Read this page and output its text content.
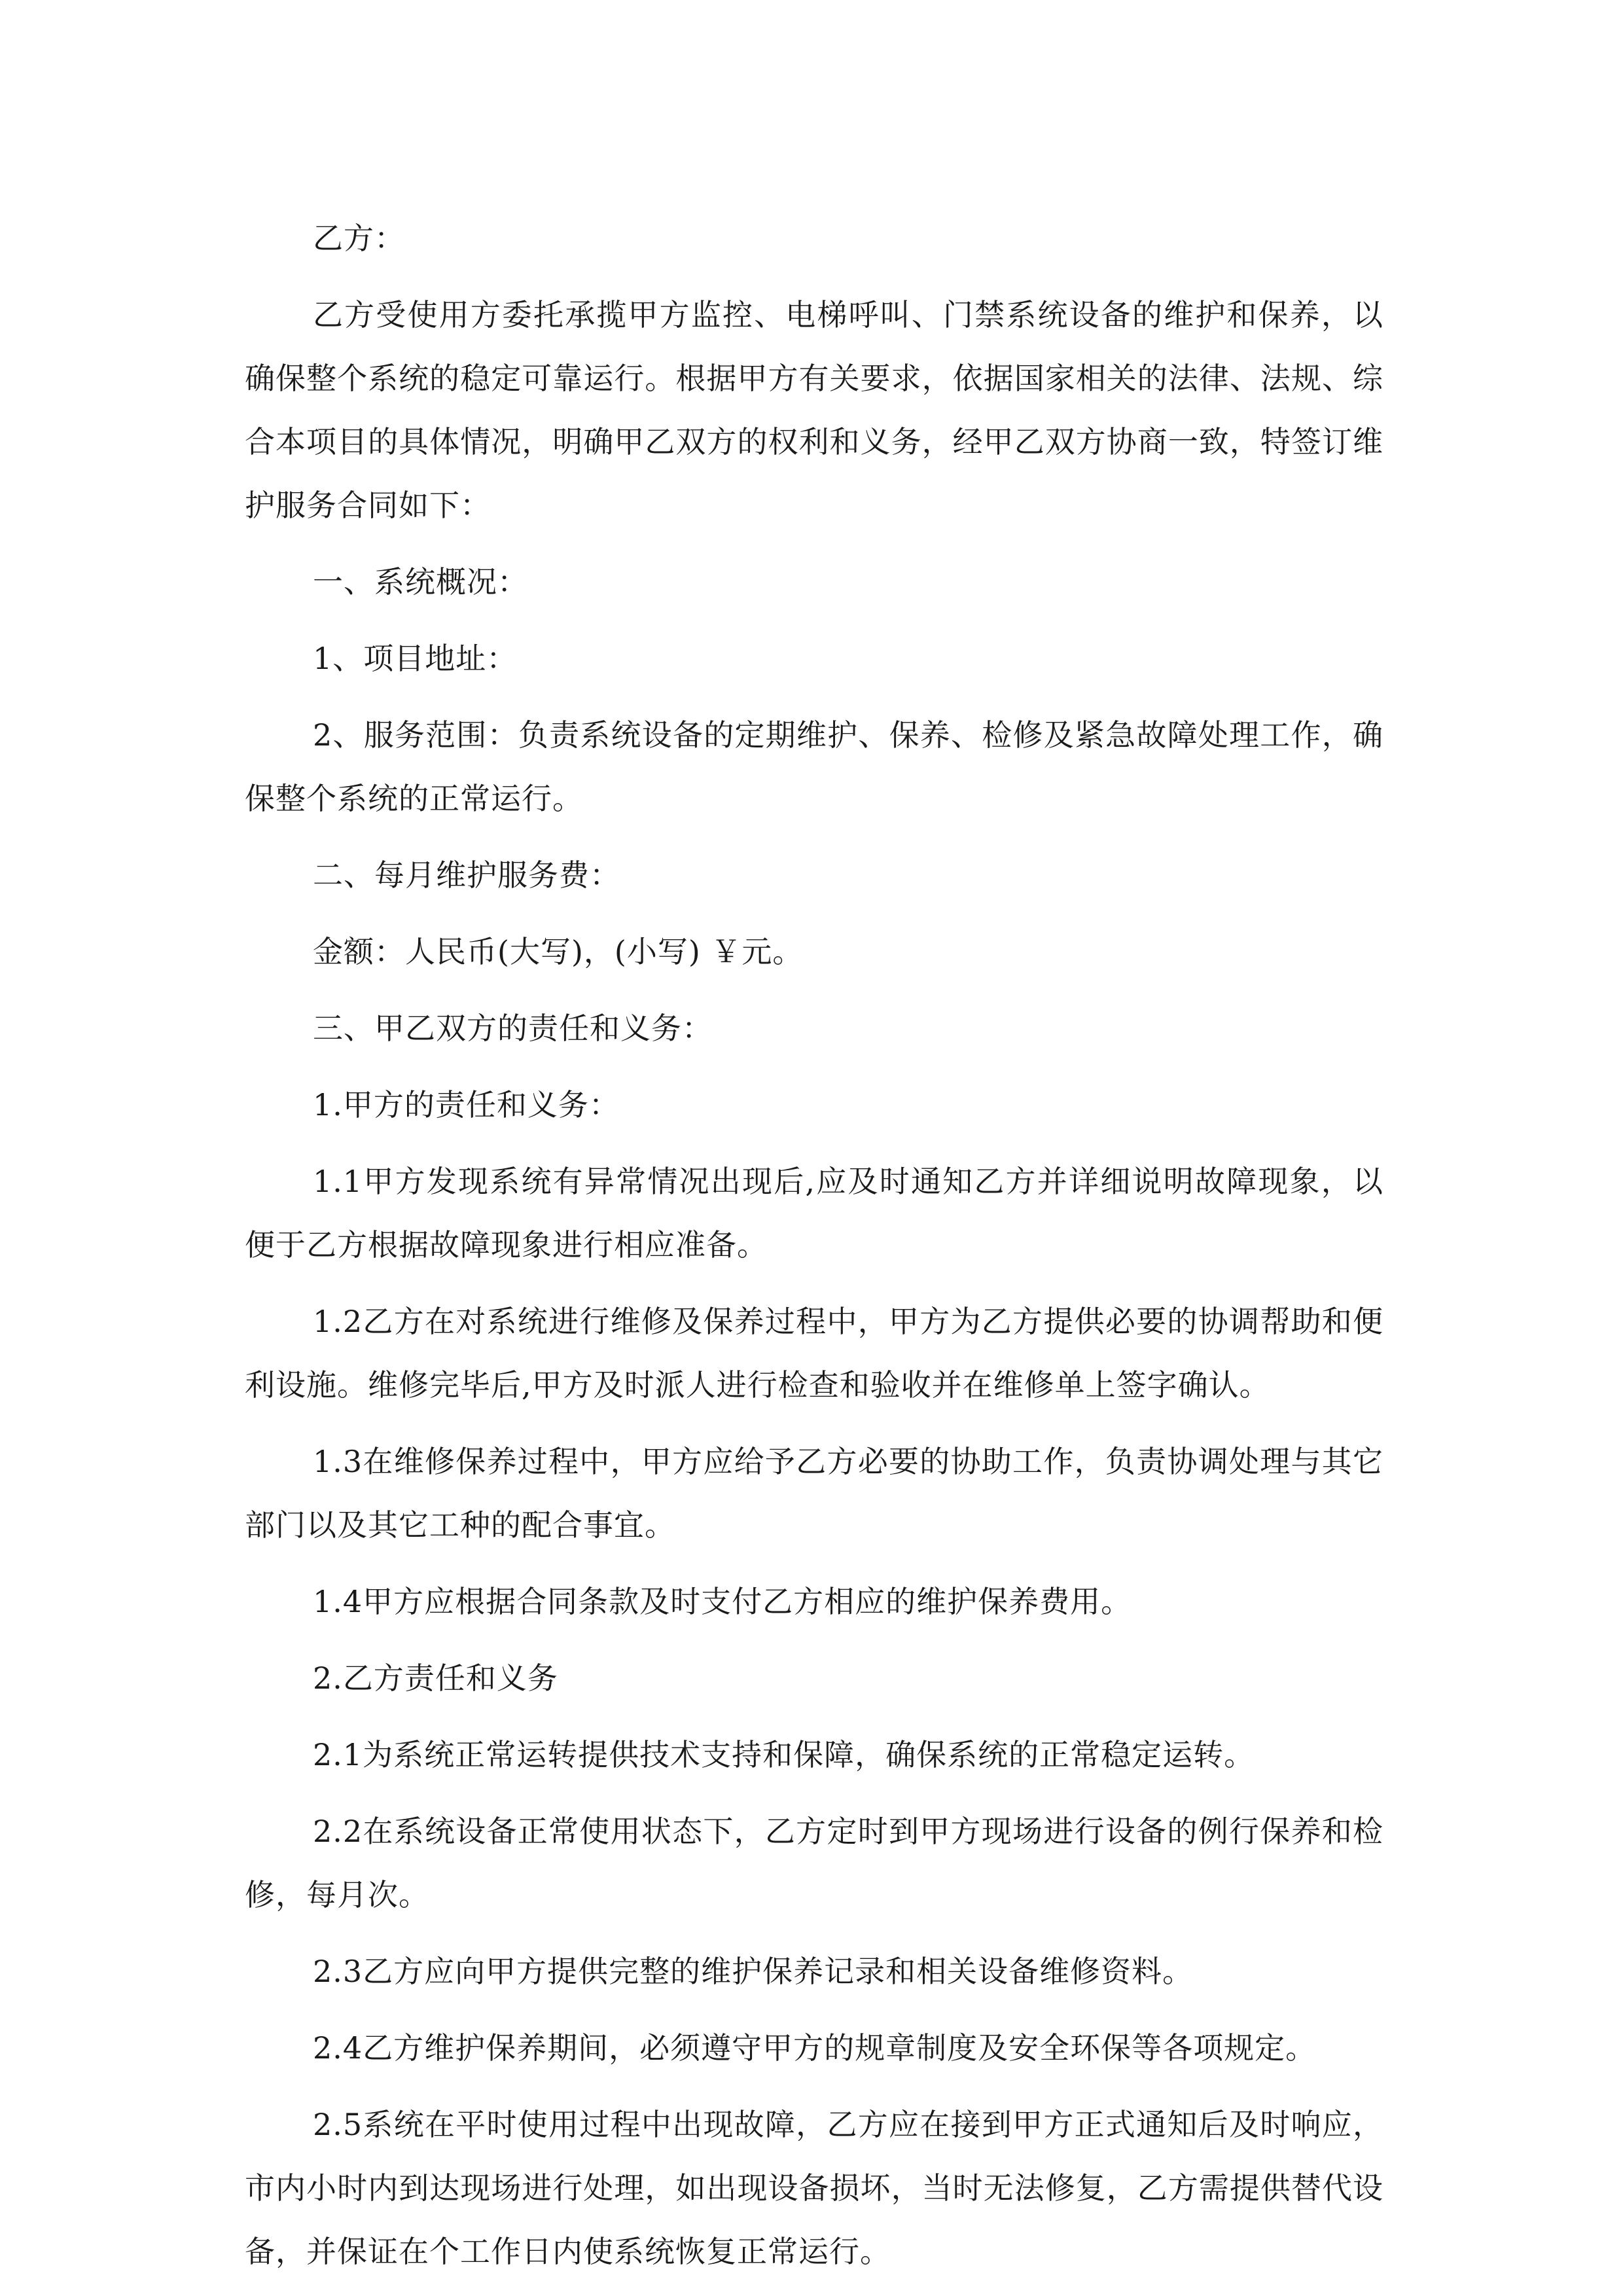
乙方：

乙方受使用方委托承揽甲方监控、电梯呼叫、门禁系统设备的维护和保养，以确保整个系统的稳定可靠运行。根据甲方有关要求，依据国家相关的法律、法规、综合本项目的具体情况，明确甲乙双方的权利和义务，经甲乙双方协商一致，特签订维护服务合同如下：

一、系统概况：

1、项目地址：

2、服务范围：负责系统设备的定期维护、保养、检修及紧急故障处理工作，确保整个系统的正常运行。

二、每月维护服务费：

金额：人民币(大写)，(小写) ￥元。

三、甲乙双方的责任和义务：

1.甲方的责任和义务：

1.1甲方发现系统有异常情况出现后,应及时通知乙方并详细说明故障现象，以便于乙方根据故障现象进行相应准备。

1.2乙方在对系统进行维修及保养过程中，甲方为乙方提供必要的协调帮助和便利设施。维修完毕后,甲方及时派人进行检查和验收并在维修单上签字确认。

1.3在维修保养过程中，甲方应给予乙方必要的协助工作，负责协调处理与其它部门以及其它工种的配合事宜。

1.4甲方应根据合同条款及时支付乙方相应的维护保养费用。

2.乙方责任和义务

2.1为系统正常运转提供技术支持和保障，确保系统的正常稳定运转。

2.2在系统设备正常使用状态下，乙方定时到甲方现场进行设备的例行保养和检修，每月次。

2.3乙方应向甲方提供完整的维护保养记录和相关设备维修资料。

2.4乙方维护保养期间，必须遵守甲方的规章制度及安全环保等各项规定。

2.5系统在平时使用过程中出现故障，乙方应在接到甲方正式通知后及时响应，市内小时内到达现场进行处理，如出现设备损坏，当时无法修复，乙方需提供替代设备，并保证在个工作日内使系统恢复正常运行。
